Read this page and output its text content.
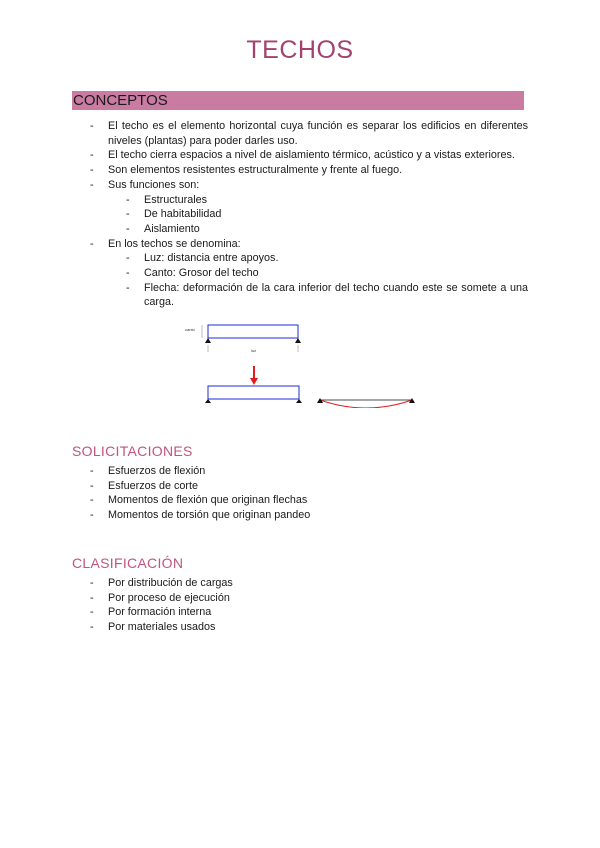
TECHOS
CONCEPTOS
- El techo es el elemento horizontal cuya función es separar los edificios en diferentes niveles (plantas) para poder darles uso.
- El techo cierra espacios a nivel de aislamiento térmico, acústico y a vistas exteriores.
- Son elementos resistentes estructuralmente y frente al fuego.
- Sus funciones son:
- Estructurales
- De habitabilidad
- Aislamiento
- En los techos se denomina:
- Luz: distancia entre apoyos.
- Canto: Grosor del techo
- Flecha: deformación de la cara inferior del techo cuando este se somete a una carga.
canto
luz
SOLICITACIONES
- Esfuerzos de flexión
- Esfuerzos de corte
- Momentos de flexión que originan flechas
- Momentos de torsión que originan pandeo
CLASIFICACIÓN
- Por distribución de cargas
- Por proceso de ejecución
- Por formación interna
- Por materiales usados
